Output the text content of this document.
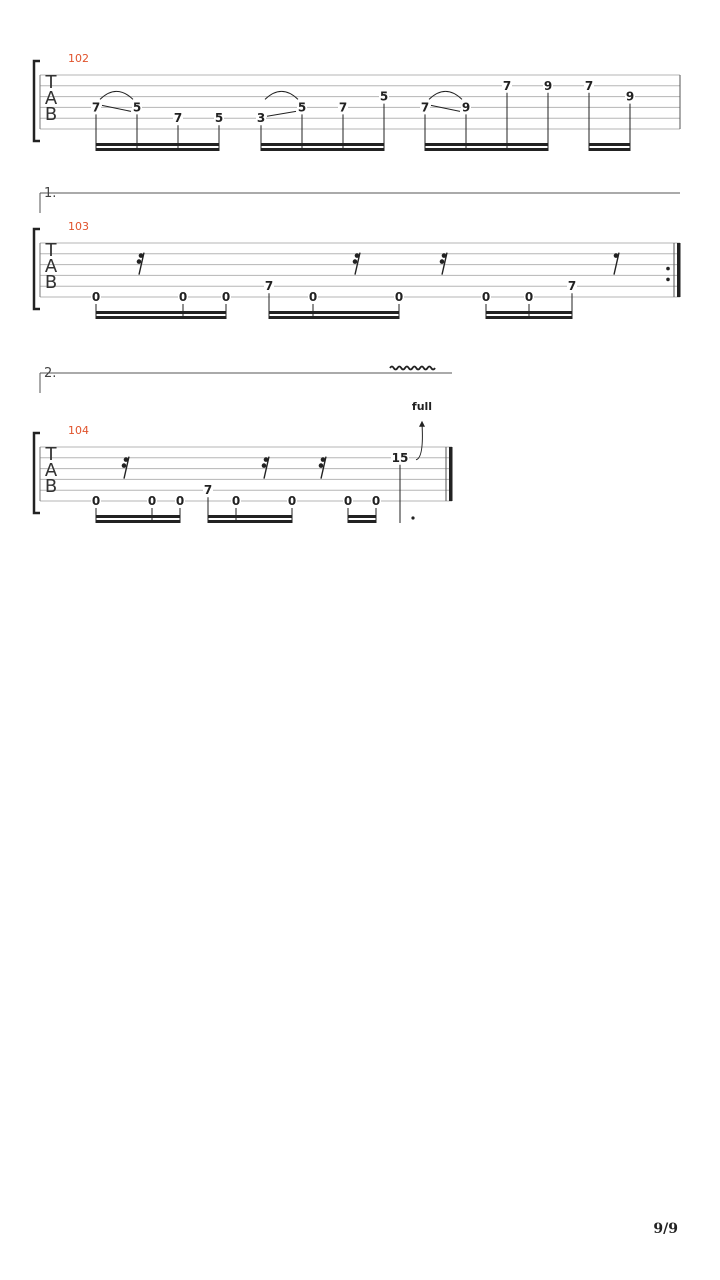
T
A
B
102
7	5
7	5	3
5	7
5
7	9
7	9	7
9
1.
T
A
B
103
0	0	0
7
0	0	0	0
7
2.
T
A
B
104
0	0 0
7
0	0	0 0
15
full
9/9
